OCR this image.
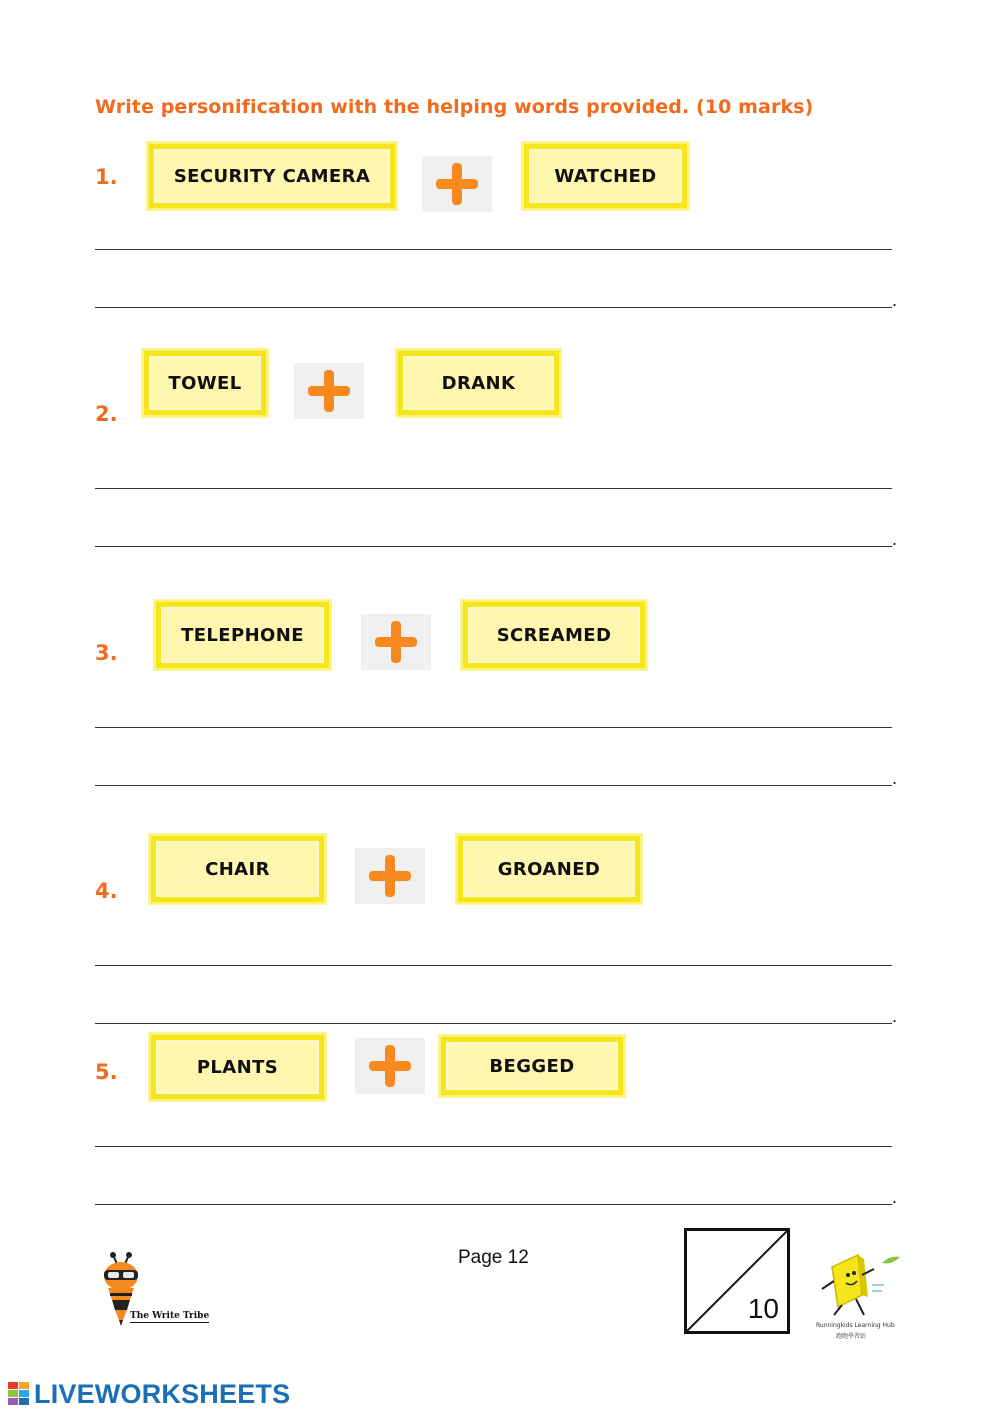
Write personification with the helping words provided. (10 marks)
1.	SECURITY CAMERA	WATCHED
.
2.
TOWEL	DRANK
.
3.
TELEPHONE	SCREAMED
.
4.
CHAIR	GROANED
.
5.	PLANTS	BEGGED
.
The Write Tribe
Page 12
10
Runningkids Learning Hub
跑跑學習站
LIVEWORKSHEETS
